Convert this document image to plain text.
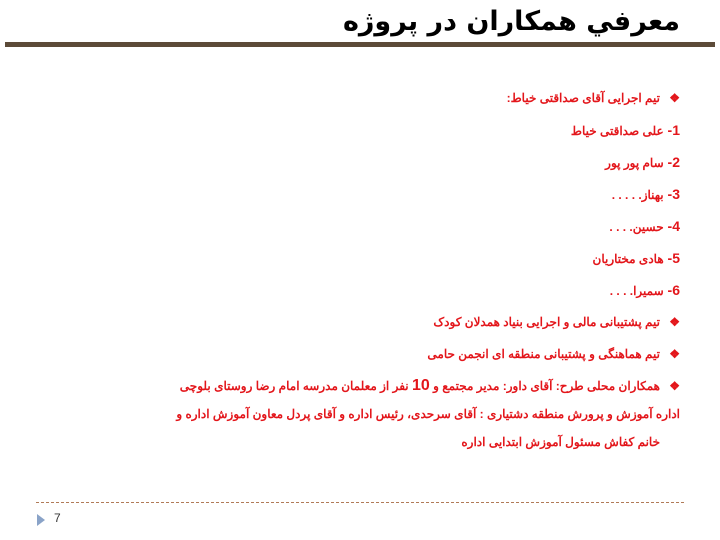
معرفي همكاران در پروژه
❖تیم اجرایی آقای صداقتی خیاط:
1- علی صداقتی خیاط
2- سام پور پور
3- بهناز. . . . .
4- حسین. . . .
5- هادی مختاریان
6- سمیرا. . . .
❖تیم پشتیبانی مالی و اجرایی بنیاد همدلان کودک
❖تیم هماهنگی و پشتیبانی منطقه ای انجمن حامی
❖همکاران محلی طرح: آقای داور: مدیر مجتمع و 10 نفر از معلمان مدرسه امام رضا روستای بلوچی
اداره آموزش و پرورش منطقه دشتیاری : آقای سرحدی، رئیس اداره و آقای پردل معاون آموزش اداره و
خانم کفاش مسئول آموزش ابتدایی اداره
7
